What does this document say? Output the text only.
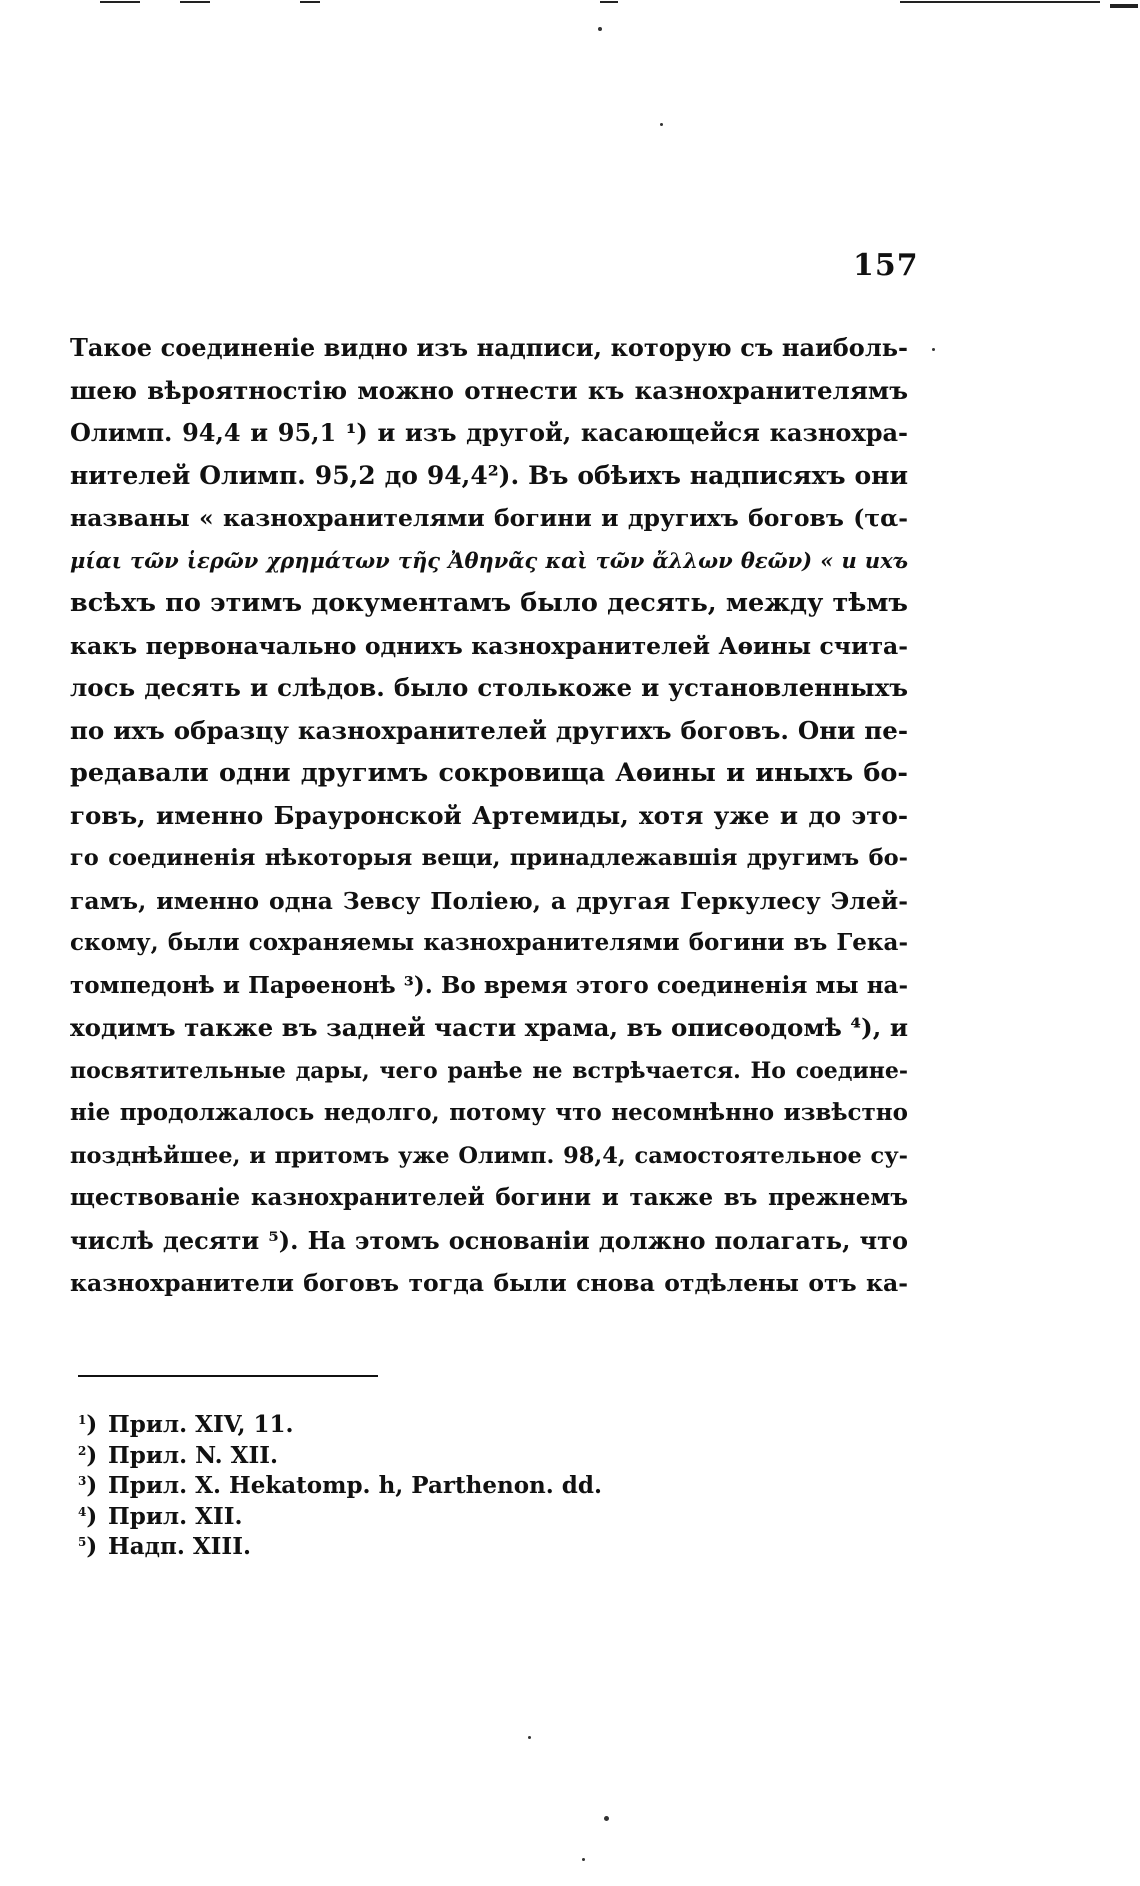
157
Такое соединеніе видно изъ надписи, которую съ наиболь-
шею вѣроятностію можно отнести къ казнохранителямъ
Олимп. 94,4 и 95,1 ¹) и изъ другой, касающейся казнохра-
нителей Олимп. 95,2 до 94,4²). Въ обѣихъ надписяхъ они
названы « казнохранителями богини и другихъ боговъ (τα-
μίαι τῶν ἱερῶν χρημάτων τῆς Ἀθηνᾶς καὶ τῶν ἄλλων θεῶν) « и ихъ
всѣхъ по этимъ документамъ было десять, между тѣмъ
какъ первоначально однихъ казнохранителей Аѳины счита-
лось десять и слѣдов. было столькоже и установленныхъ
по ихъ образцу казнохранителей другихъ боговъ. Они пе-
редавали одни другимъ сокровища Аѳины и иныхъ бо-
говъ, именно Брауронской Артемиды, хотя уже и до это-
го соединенія нѣкоторыя вещи, принадлежавшія другимъ бо-
гамъ, именно одна Зевсу Поліею, а другая Геркулесу Элей-
скому, были сохраняемы казнохранителями богини въ Гека-
томпедонѣ и Парѳенонѣ ³). Во время этого соединенія мы на-
ходимъ также въ задней части храма, въ описѳодомѣ ⁴), и
посвятительные дары, чего ранѣе не встрѣчается. Но соедине-
ніе продолжалось недолго, потому что несомнѣнно извѣстно
позднѣйшее, и притомъ уже Олимп. 98,4, самостоятельное су-
ществованіе казнохранителей богини и также въ прежнемъ
числѣ десяти ⁵). На этомъ основаніи должно полагать, что
казнохранители боговъ тогда были снова отдѣлены отъ ка-
$^1$) Прил. XIV, 11.
$^2$) Прил. N. XII.
$^3$) Прил. X. Hekatomp. h, Parthenon. dd.
$^4$) Прил. XII.
$^5$) Надп. XIII.
